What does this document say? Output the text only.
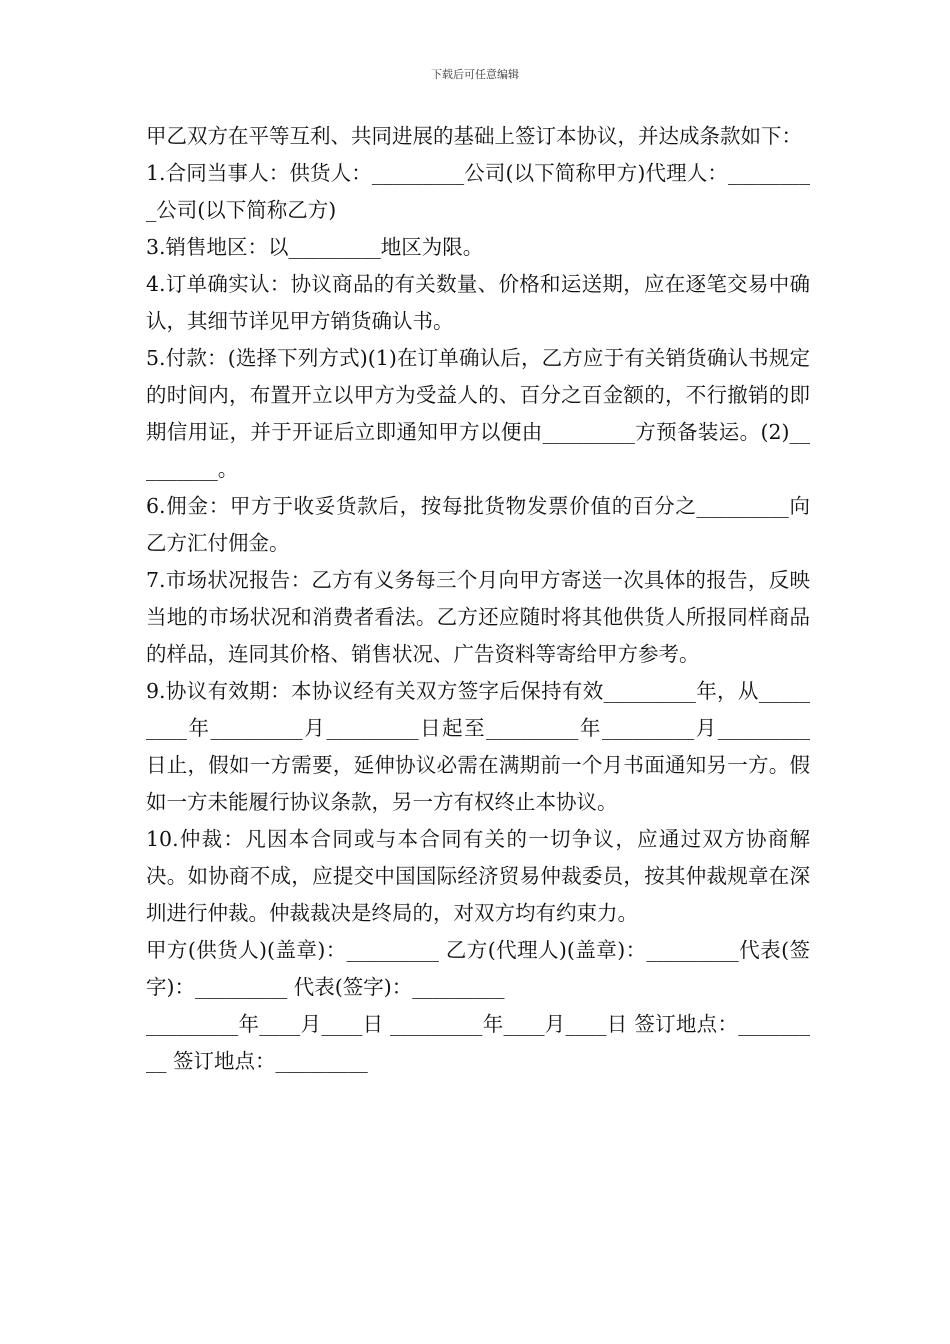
下载后可任意编辑

甲乙双方在平等互利、共同进展的基础上签订本协议，并达成条款如下：

1.合同当事人：供货人：_________公司(以下简称甲方)代理人：_________公司(以下简称乙方)

3.销售地区：以_________地区为限。

4.订单确实认：协议商品的有关数量、价格和运送期，应在逐笔交易中确认，其细节详见甲方销货确认书。

5.付款：(选择下列方式)(1)在订单确认后，乙方应于有关销货确认书规定的时间内，布置开立以甲方为受益人的、百分之百金额的，不行撤销的即期信用证，并于开证后立即通知甲方以便由_________方预备装运。(2)_________。

6.佣金：甲方于收妥货款后，按每批货物发票价值的百分之_________向乙方汇付佣金。

7.市场状况报告：乙方有义务每三个月向甲方寄送一次具体的报告，反映当地的市场状况和消费者看法。乙方还应随时将其他供货人所报同样商品的样品，连同其价格、销售状况、广告资料等寄给甲方参考。

9.协议有效期：本协议经有关双方签字后保持有效_________年，从_________年_________月_________日起至_________年_________月_________日止，假如一方需要，延伸协议必需在满期前一个月书面通知另一方。假如一方未能履行协议条款，另一方有权终止本协议。

10.仲裁：凡因本合同或与本合同有关的一切争议，应通过双方协商解决。如协商不成，应提交中国国际经济贸易仲裁委员，按其仲裁规章在深圳进行仲裁。仲裁裁决是终局的，对双方均有约束力。

甲方(供货人)(盖章)：_________ 乙方(代理人)(盖章)：_________代表(签字)：_________ 代表(签字)：_________

_________年____月____日 _________年____月____日 签订地点：_________ 签订地点：_________
